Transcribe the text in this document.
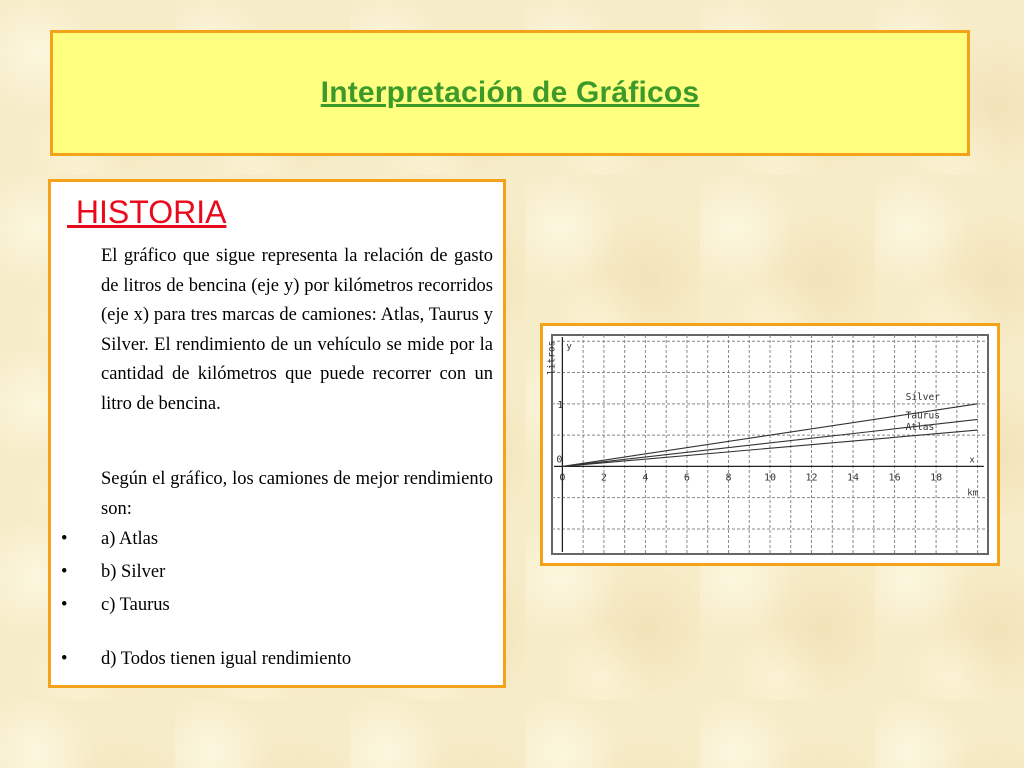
Interpretación de Gráficos
HISTORIA

El gráfico que sigue representa la relación de gasto de litros de bencina (eje y) por kilómetros recorridos (eje x) para tres marcas de camiones: Atlas, Taurus y Silver. El rendimiento de un vehículo se mide por la cantidad de kilómetros que puede recorrer con un litro de bencina.

Según el gráfico, los camiones de mejor rendimiento son:

• a) Atlas
• b) Silver
• c) Taurus
• d) Todos tienen igual rendimiento
Silver
Taurus
Atlas
0	2	4	6	8	10	12	14	16	18
1
0
y
x
litros
km
